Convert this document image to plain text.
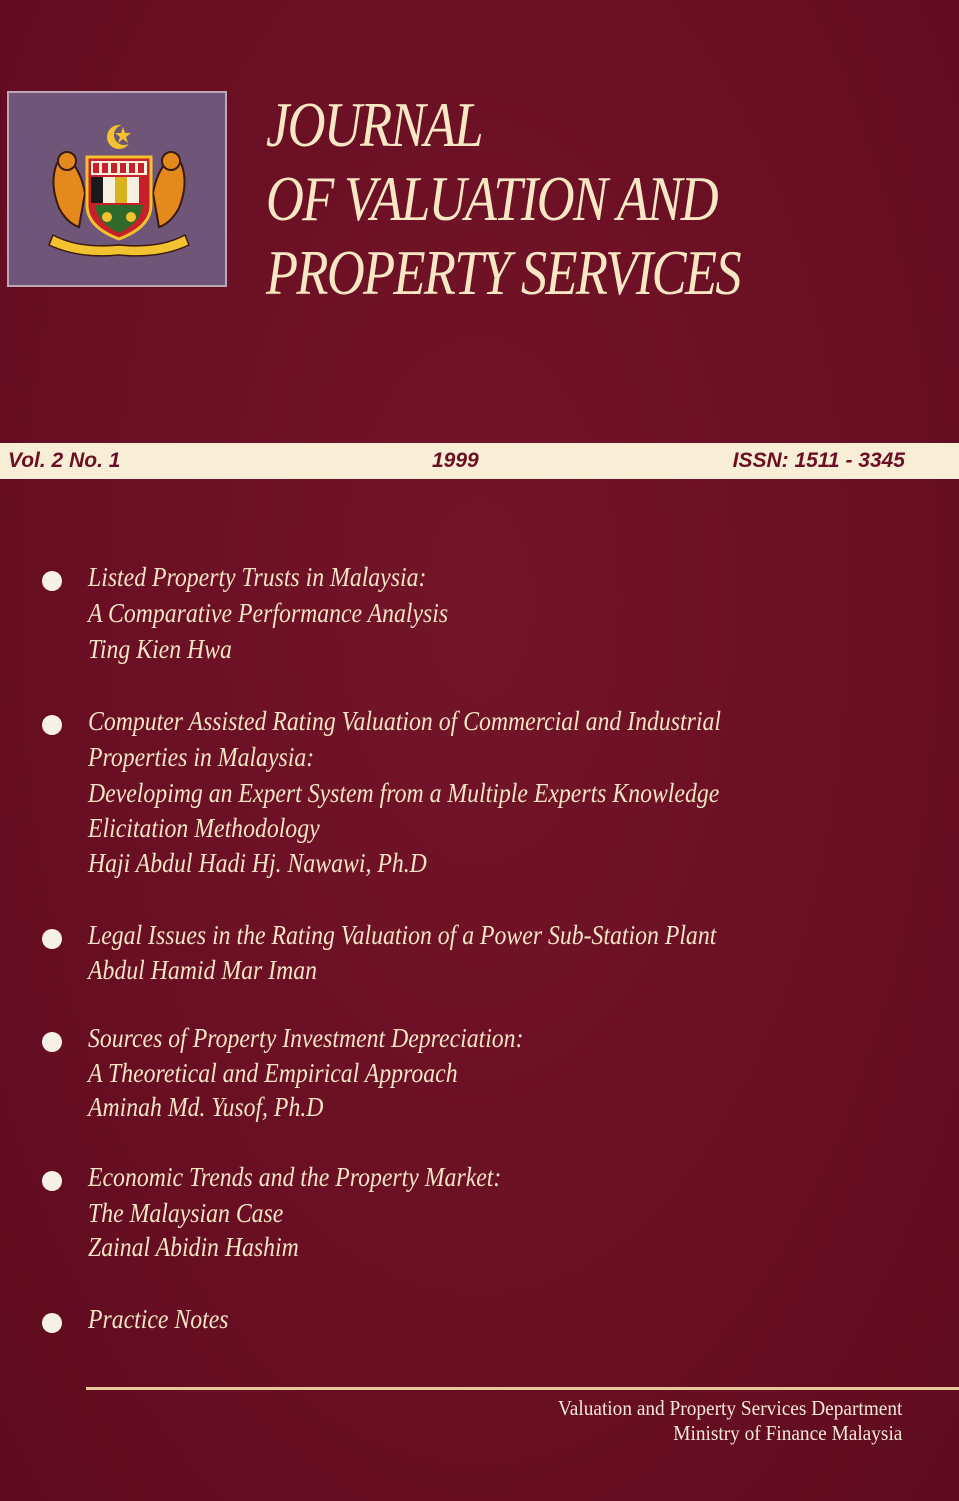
JOURNAL
OF VALUATION AND
PROPERTY SERVICES
Vol. 2 No. 1	1999	ISSN: 1511 - 3345
Listed Property Trusts in Malaysia:
A Comparative Performance Analysis
Ting Kien Hwa
Computer Assisted Rating Valuation of Commercial and Industrial
Properties in Malaysia:
Developimg an Expert System from a Multiple Experts Knowledge
Elicitation Methodology
Haji Abdul Hadi Hj. Nawawi, Ph.D
Legal Issues in the Rating Valuation of a Power Sub-Station Plant
Abdul Hamid Mar Iman
Sources of Property Investment Depreciation:
A Theoretical and Empirical Approach
Aminah Md. Yusof, Ph.D
Economic Trends and the Property Market:
The Malaysian Case
Zainal Abidin Hashim
Practice Notes
Valuation and Property Services Department
Ministry of Finance Malaysia
